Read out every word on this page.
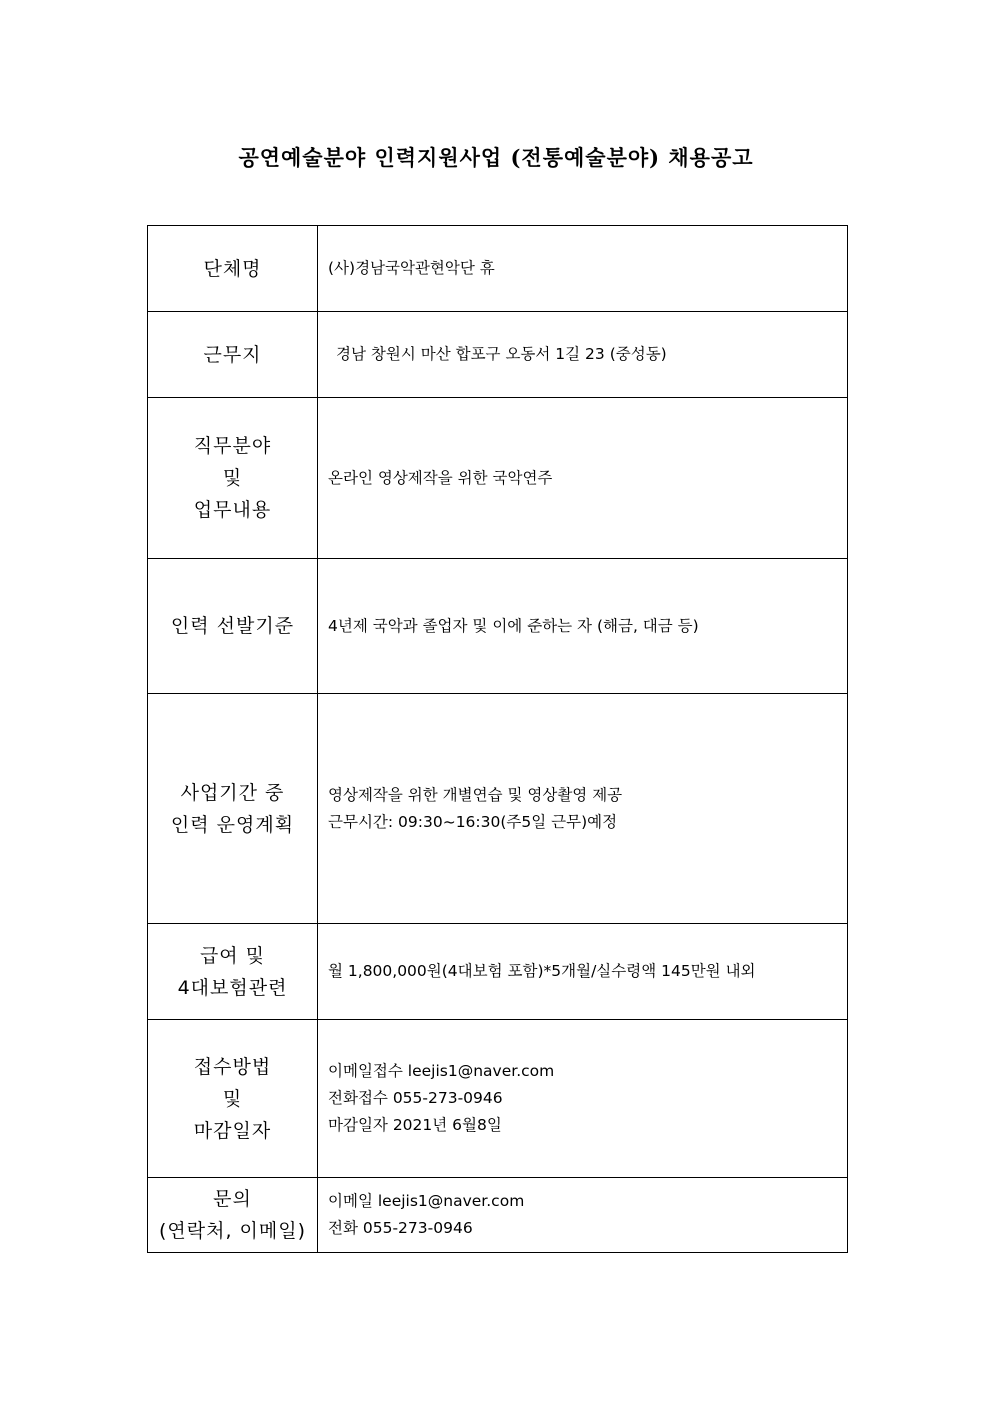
공연예술분야 인력지원사업 (전통예술분야) 채용공고
단체명	(사)경남국악관현악단 휴

근무지	경남 창원시 마산 합포구 오동서 1길 23 (중성동)

직무분야
및
업무내용	온라인 영상제작을 위한 국악연주

인력 선발기준	4년제 국악과 졸업자 및 이에 준하는 자 (해금, 대금 등)

사업기간 중
인력 운영계획	영상제작을 위한 개별연습 및 영상촬영 제공
근무시간: 09:30~16:30(주5일 근무)예정

급여 및
4대보험관련	월 1,800,000원(4대보험 포함)*5개월/실수령액 145만원 내외

접수방법
및
마감일자	이메일접수 leejis1@naver.com
전화접수 055-273-0946
마감일자 2021년 6월8일

문의
(연락처, 이메일)	이메일 leejis1@naver.com
전화 055-273-0946
